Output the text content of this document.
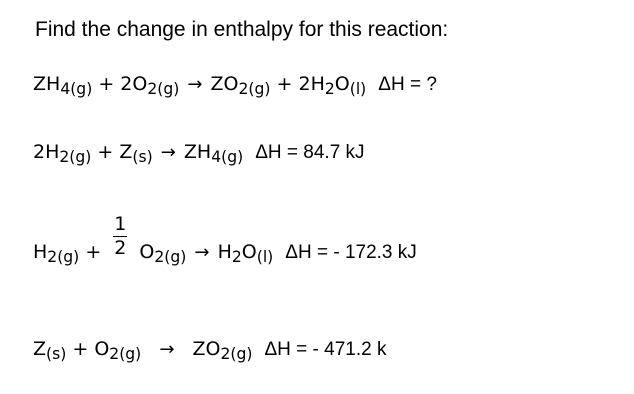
Find the change in enthalpy for this reaction:
$ZH_{4(g)} + 2O_{2(g)} \to ZO_{2(g)} + 2H_2O_{(l)}$ ΔH = ?
$2H_{2(g)} + Z_{(s)} \to ZH_{4(g)}$ ΔH = 84.7 kJ
$H_{2(g)} + \frac{1}{2} O_{2(g)} \to H_2O_{(l)}$ ΔH = - 172.3 kJ
$Z_{(s)} + O_{2(g)} \to ZO_{2(g)}$ ΔH = - 471.2 k
